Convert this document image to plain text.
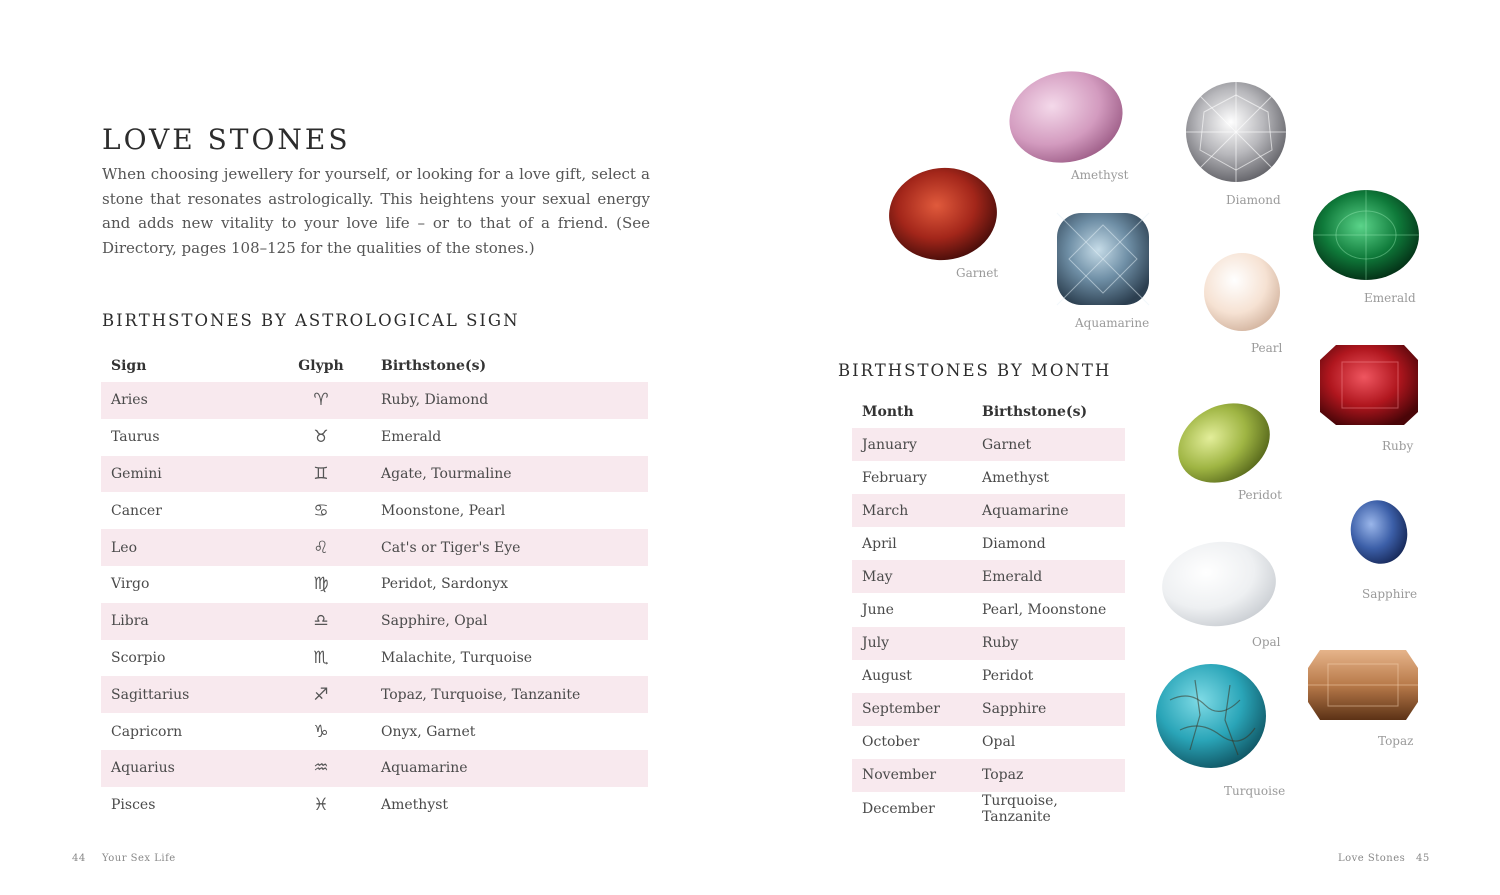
LOVE STONES

When choosing jewellery for yourself, or looking for a love gift, select a stone that resonates astrologically. This heightens your sexual energy and adds new vitality to your love life – or to that of a friend. (See Directory, pages 108–125 for the qualities of the stones.)

BIRTHSTONES BY ASTROLOGICAL SIGN
Sign	Glyph	Birthstone(s)
Aries	♈	Ruby, Diamond
Taurus	♉	Emerald
Gemini	♊	Agate, Tourmaline
Cancer	♋	Moonstone, Pearl
Leo	♌	Cat's or Tiger's Eye
Virgo	♍	Peridot, Sardonyx
Libra	♎	Sapphire, Opal
Scorpio	♏	Malachite, Turquoise
Sagittarius	♐	Topaz, Turquoise, Tanzanite
Capricorn	♑	Onyx, Garnet
Aquarius	♒	Aquamarine
Pisces	♓	Amethyst
BIRTHSTONES BY MONTH
Month	Birthstone(s)
January	Garnet
February	Amethyst
March	Aquamarine
April	Diamond
May	Emerald
June	Pearl, Moonstone
July	Ruby
August	Peridot
September	Sapphire
October	Opal
November	Topaz
December	Turquoise, Tanzanite
Amethyst
Diamond
Garnet
Aquamarine
Pearl
Emerald
Ruby
Peridot
Sapphire
Opal
Turquoise
Topaz
44 Your Sex Life	Love Stones 45
